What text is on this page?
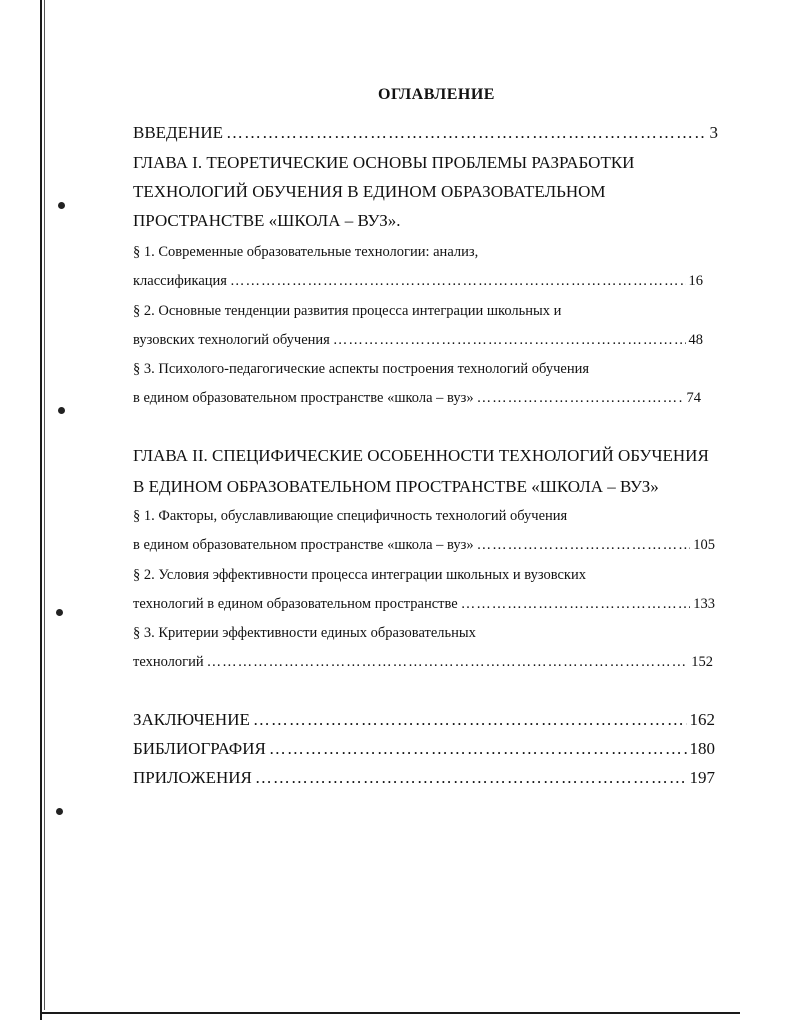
ОГЛАВЛЕНИЕ
ВВЕДЕНИЕ ………………………………………………………………………………………………………………………………………………………………	3
ГЛАВА I. ТЕОРЕТИЧЕСКИЕ ОСНОВЫ ПРОБЛЕМЫ РАЗРАБОТКИ
ТЕХНОЛОГИЙ ОБУЧЕНИЯ В ЕДИНОМ ОБРАЗОВАТЕЛЬНОМ
ПРОСТРАНСТВЕ «ШКОЛА – ВУЗ».
§ 1. Современные образовательные технологии: анализ,
классификация ………………………………………………………………………………………………………………………………………………………………	16
§ 2. Основные тенденции развития процесса интеграции школьных и
вузовских технологий обучения ………………………………………………………………………………………………………………………………………………………………	48
§ 3. Психолого-педагогические аспекты построения технологий обучения
в едином образовательном пространстве «школа – вуз» ………………………………………………………………………………………………………………………………………………………………	74
ГЛАВА II. СПЕЦИФИЧЕСКИЕ ОСОБЕННОСТИ ТЕХНОЛОГИЙ ОБУЧЕНИЯ
В ЕДИНОМ ОБРАЗОВАТЕЛЬНОМ ПРОСТРАНСТВЕ «ШКОЛА – ВУЗ»
§ 1. Факторы, обуславливающие специфичность технологий обучения
в едином образовательном пространстве «школа – вуз» ………………………………………………………………………………………………………………………………………………………………	105
§ 2. Условия эффективности процесса интеграции школьных и вузовских
технологий в едином образовательном пространстве ………………………………………………………………………………………………………………………………………………………………	133
§ 3. Критерии эффективности единых образовательных
технологий ………………………………………………………………………………………………………………………………………………………………	152
ЗАКЛЮЧЕНИЕ ………………………………………………………………………………………………………………………………………………………………	162
БИБЛИОГРАФИЯ ………………………………………………………………………………………………………………………………………………………………	180
ПРИЛОЖЕНИЯ ………………………………………………………………………………………………………………………………………………………………	197
